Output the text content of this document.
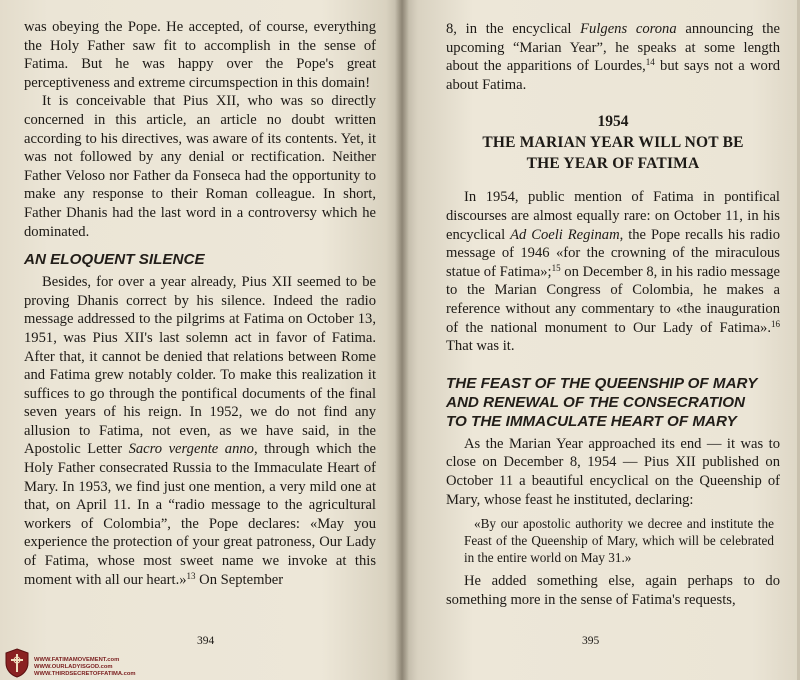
was obeying the Pope. He accepted, of course, everything the Holy Father saw fit to accomplish in the sense of Fatima. But he was happy over the Pope's great perceptiveness and extreme circumspection in this domain!

It is conceivable that Pius XII, who was so directly concerned in this article, an article no doubt written according to his directives, was aware of its contents. Yet, it was not followed by any denial or rectification. Neither Father Veloso nor Father da Fonseca had the opportunity to make any response to their Roman colleague. In short, Father Dhanis had the last word in a controversy which he dominated.

AN ELOQUENT SILENCE

Besides, for over a year already, Pius XII seemed to be proving Dhanis correct by his silence. Indeed the radio message addressed to the pilgrims at Fatima on October 13, 1951, was Pius XII's last solemn act in favor of Fatima. After that, it cannot be denied that relations between Rome and Fatima grew notably colder. To make this realization it suffices to go through the pontifical documents of the final seven years of his reign. In 1952, we do not find any allusion to Fatima, not even, as we have said, in the Apostolic Letter Sacro vergente anno, through which the Holy Father consecrated Russia to the Immaculate Heart of Mary. In 1953, we find just one mention, a very mild one at that, on April 11. In a “radio message to the agricultural workers of Colombia”, the Pope declares: «May you experience the protection of your great patroness, Our Lady of Fatima, whose most sweet name we invoke at this moment with all our heart.»$^{13}$ On September

394
WWW.FATIMAMOVEMENT.com
WWW.OURLADYISGOD.com
WWW.THIRDSECRETOFFATIMA.com

8, in the encyclical Fulgens corona announcing the upcoming “Marian Year”, he speaks at some length about the apparitions of Lourdes,$^{14}$ but says not a word about Fatima.

1954
THE MARIAN YEAR WILL NOT BE
THE YEAR OF FATIMA

In 1954, public mention of Fatima in pontifical discourses are almost equally rare: on October 11, in his encyclical Ad Coeli Reginam, the Pope recalls his radio message of 1946 «for the crowning of the miraculous statue of Fatima»;$^{15}$ on December 8, in his radio message to the Marian Congress of Colombia, he makes a reference without any commentary to «the inauguration of the national monument to Our Lady of Fatima».$^{16}$ That was it.

THE FEAST OF THE QUEENSHIP OF MARY
AND RENEWAL OF THE CONSECRATION
TO THE IMMACULATE HEART OF MARY

As the Marian Year approached its end — it was to close on December 8, 1954 — Pius XII published on October 11 a beautiful encyclical on the Queenship of Mary, whose feast he instituted, declaring:

«By our apostolic authority we decree and institute the Feast of the Queenship of Mary, which will be celebrated in the entire world on May 31.»

He added something else, again perhaps to do something more in the sense of Fatima's requests,

395
